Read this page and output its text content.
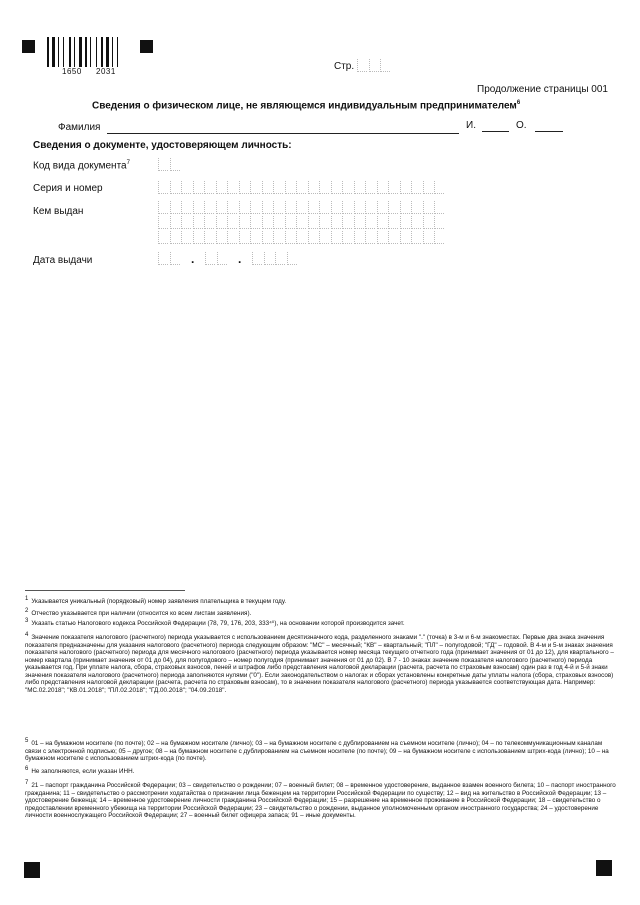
1650 2031	Стр.
Продолжение страницы 001
Сведения о физическом лице, не являющемся индивидуальным предпринимателем$^6$
Фамилия	И.	О.
Сведения о документе, удостоверяющем личность:
Код вида документа$^7$
Серия и номер
Кем выдан
Дата выдачи	.	.
$^1$ Указывается уникальный (порядковый) номер заявления плательщика в текущем году.
$^2$ Отчество указывается при наличии (относится ко всем листам заявления).
$^3$ Указать статью Налогового кодекса Российской Федерации (78, 79, 176, 203, 333⁴⁰), на основании которой производится зачет.
$^4$ Значение показателя налогового (расчетного) периода указывается с использованием десятизначного кода, разделенного знаками "." (точка) в 3-м и 6-м знакоместах. Первые два знака значения показателя предназначены для указания налогового (расчетного) периода следующим образом: "МС" – месячный; "КВ" – квартальный; "ПЛ" – полугодовой; "ГД" – годовой. В 4-м и 5-м знаках значения показателя налогового (расчетного) периода для месячного налогового (расчетного) периода указывается номер месяца текущего отчетного года (принимает значения от 01 до 12), для квартального – номер квартала (принимает значения от 01 до 04), для полугодового – номер полугодия (принимает значения от 01 до 02). В 7 - 10 знаках значение показателя налогового (расчетного) периода указывается год. При уплате налога, сбора, страховых взносов, пеней и штрафов либо представления налоговой декларации (расчета, расчета по страховым взносам) один раз в год 4-й и 5-й знаки значения показателя налогового (расчетного) периода заполняются нулями ("0"). Если законодательством о налогах и сборах установлены конкретные даты уплаты налога (сбора, страховых взносов) либо представления налоговой декларации (расчета, расчета по страховым взносам), то в значении показателя налогового (расчетного) периода указывается соответствующая дата. Например: "МС.02.2018"; "КВ.01.2018"; "ПЛ.02.2018"; "ГД.00.2018"; "04.09.2018".
$^5$ 01 – на бумажном носителе (по почте); 02 – на бумажном носителе (лично); 03 – на бумажном носителе с дублированием на съемном носителе (лично); 04 – по телекоммуникационным каналам связи с электронной подписью; 05 – другое; 08 – на бумажном носителе с дублированием на съемном носителе (по почте); 09 – на бумажном носителе с использованием штрих-кода (лично); 10 – на бумажном носителе с использованием штрих-кода (по почте).
$^6$ Не заполняются, если указан ИНН.
$^7$ 21 – паспорт гражданина Российской Федерации; 03 – свидетельство о рождении; 07 – военный билет; 08 – временное удостоверение, выданное взамен военного билета; 10 – паспорт иностранного гражданина; 11 – свидетельство о рассмотрении ходатайства о признании лица беженцем на территории Российской Федерации по существу; 12 – вид на жительство в Российской Федерации; 13 – удостоверение беженца; 14 – временное удостоверение личности гражданина Российской Федерации; 15 – разрешение на временное проживание в Российской Федерации; 18 – свидетельство о предоставлении временного убежища на территории Российской Федерации; 23 – свидетельство о рождении, выданное уполномоченным органом иностранного государства; 24 – удостоверение личности военнослужащего Российской Федерации; 27 – военный билет офицера запаса; 91 – иные документы.
